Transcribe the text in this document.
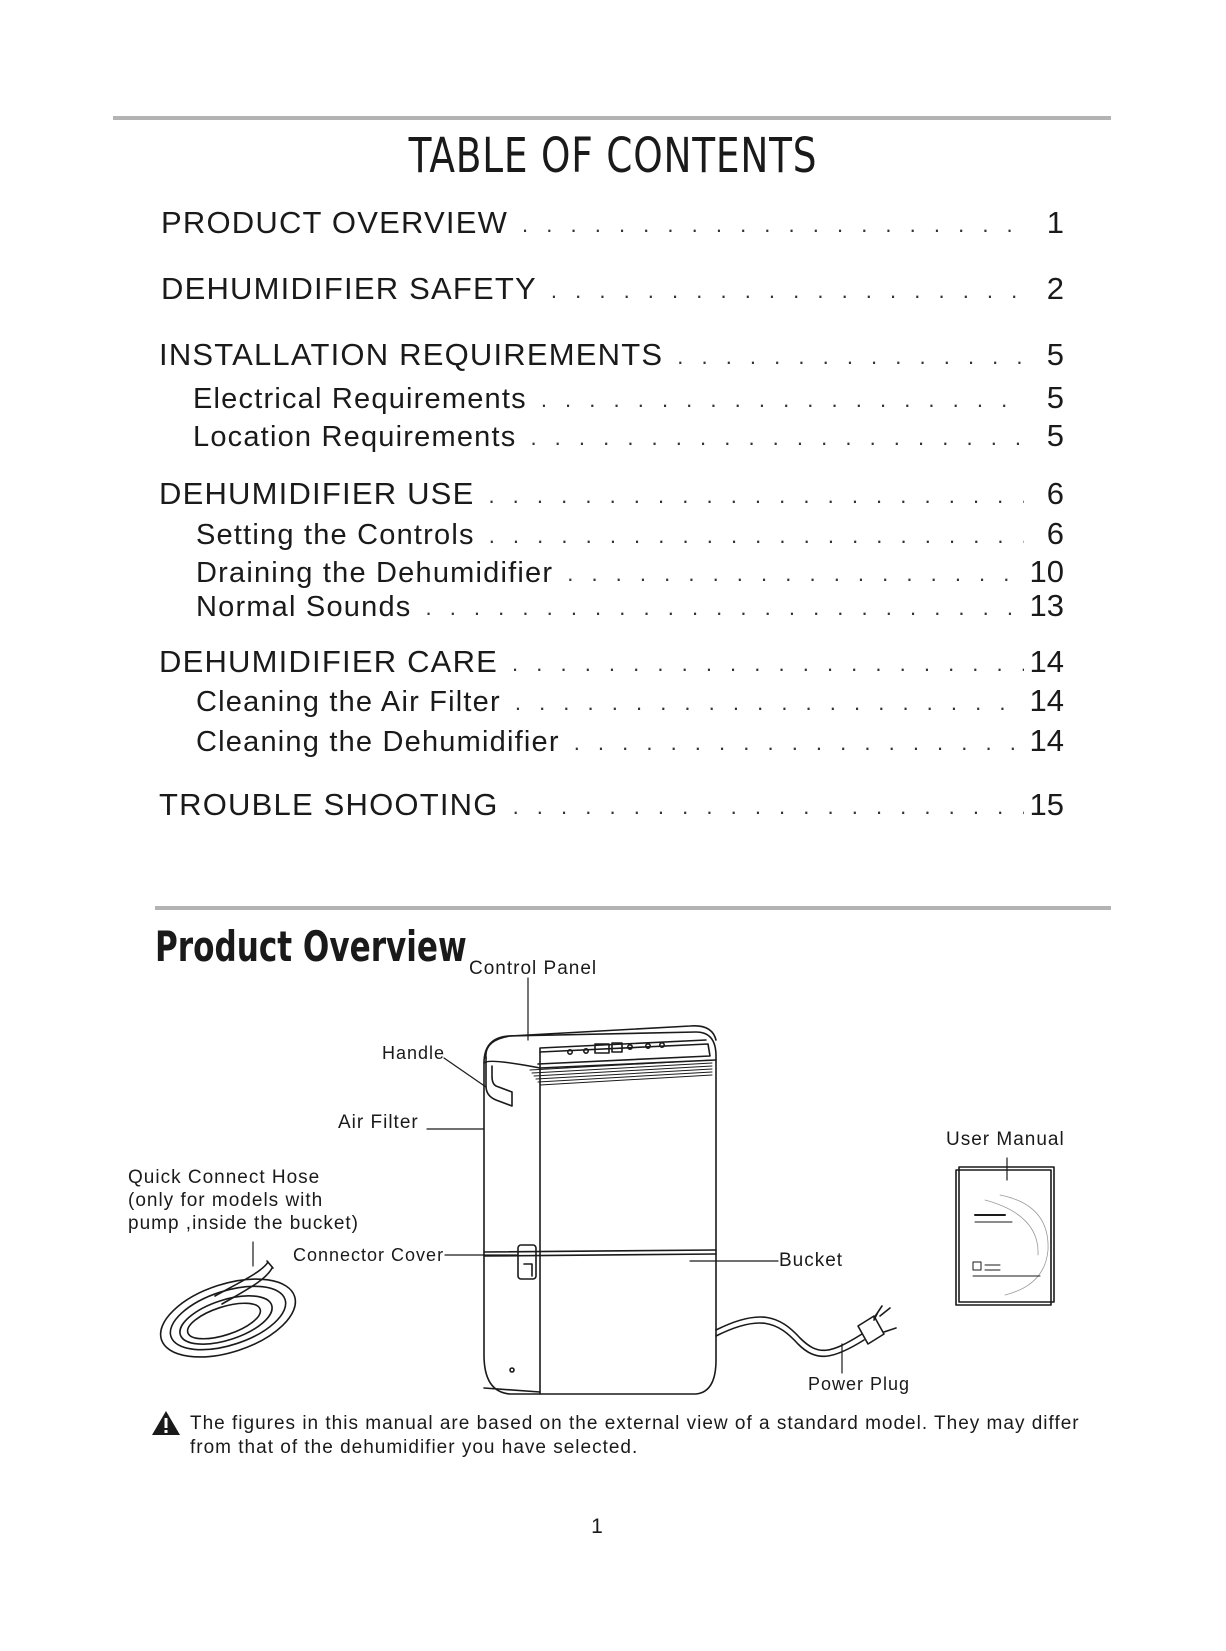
TABLE OF CONTENTS
PRODUCT OVERVIEW . . .	1
DEHUMIDIFIER SAFETY . . .	2
INSTALLATION REQUIREMENTS . . .	5
Electrical Requirements . . .	5
Location Requirements . . .	5
DEHUMIDIFIER USE . . .	6
Setting the Controls . . .	6
Draining the Dehumidifier . . .	10
Normal Sounds . . .	13
DEHUMIDIFIER CARE . . .	14
Cleaning the Air Filter . . .	14
Cleaning the Dehumidifier . . .	14
TROUBLE SHOOTING . . .	15
Product Overview Control Panel
Handle
Air Filter
User Manual
Quick Connect Hose
(only for models with
pump ,inside the bucket)
Connector Cover	Bucket
Power Plug
The figures in this manual are based on the external view of a standard model. They may differ from that of the dehumidifier you have selected.
1
